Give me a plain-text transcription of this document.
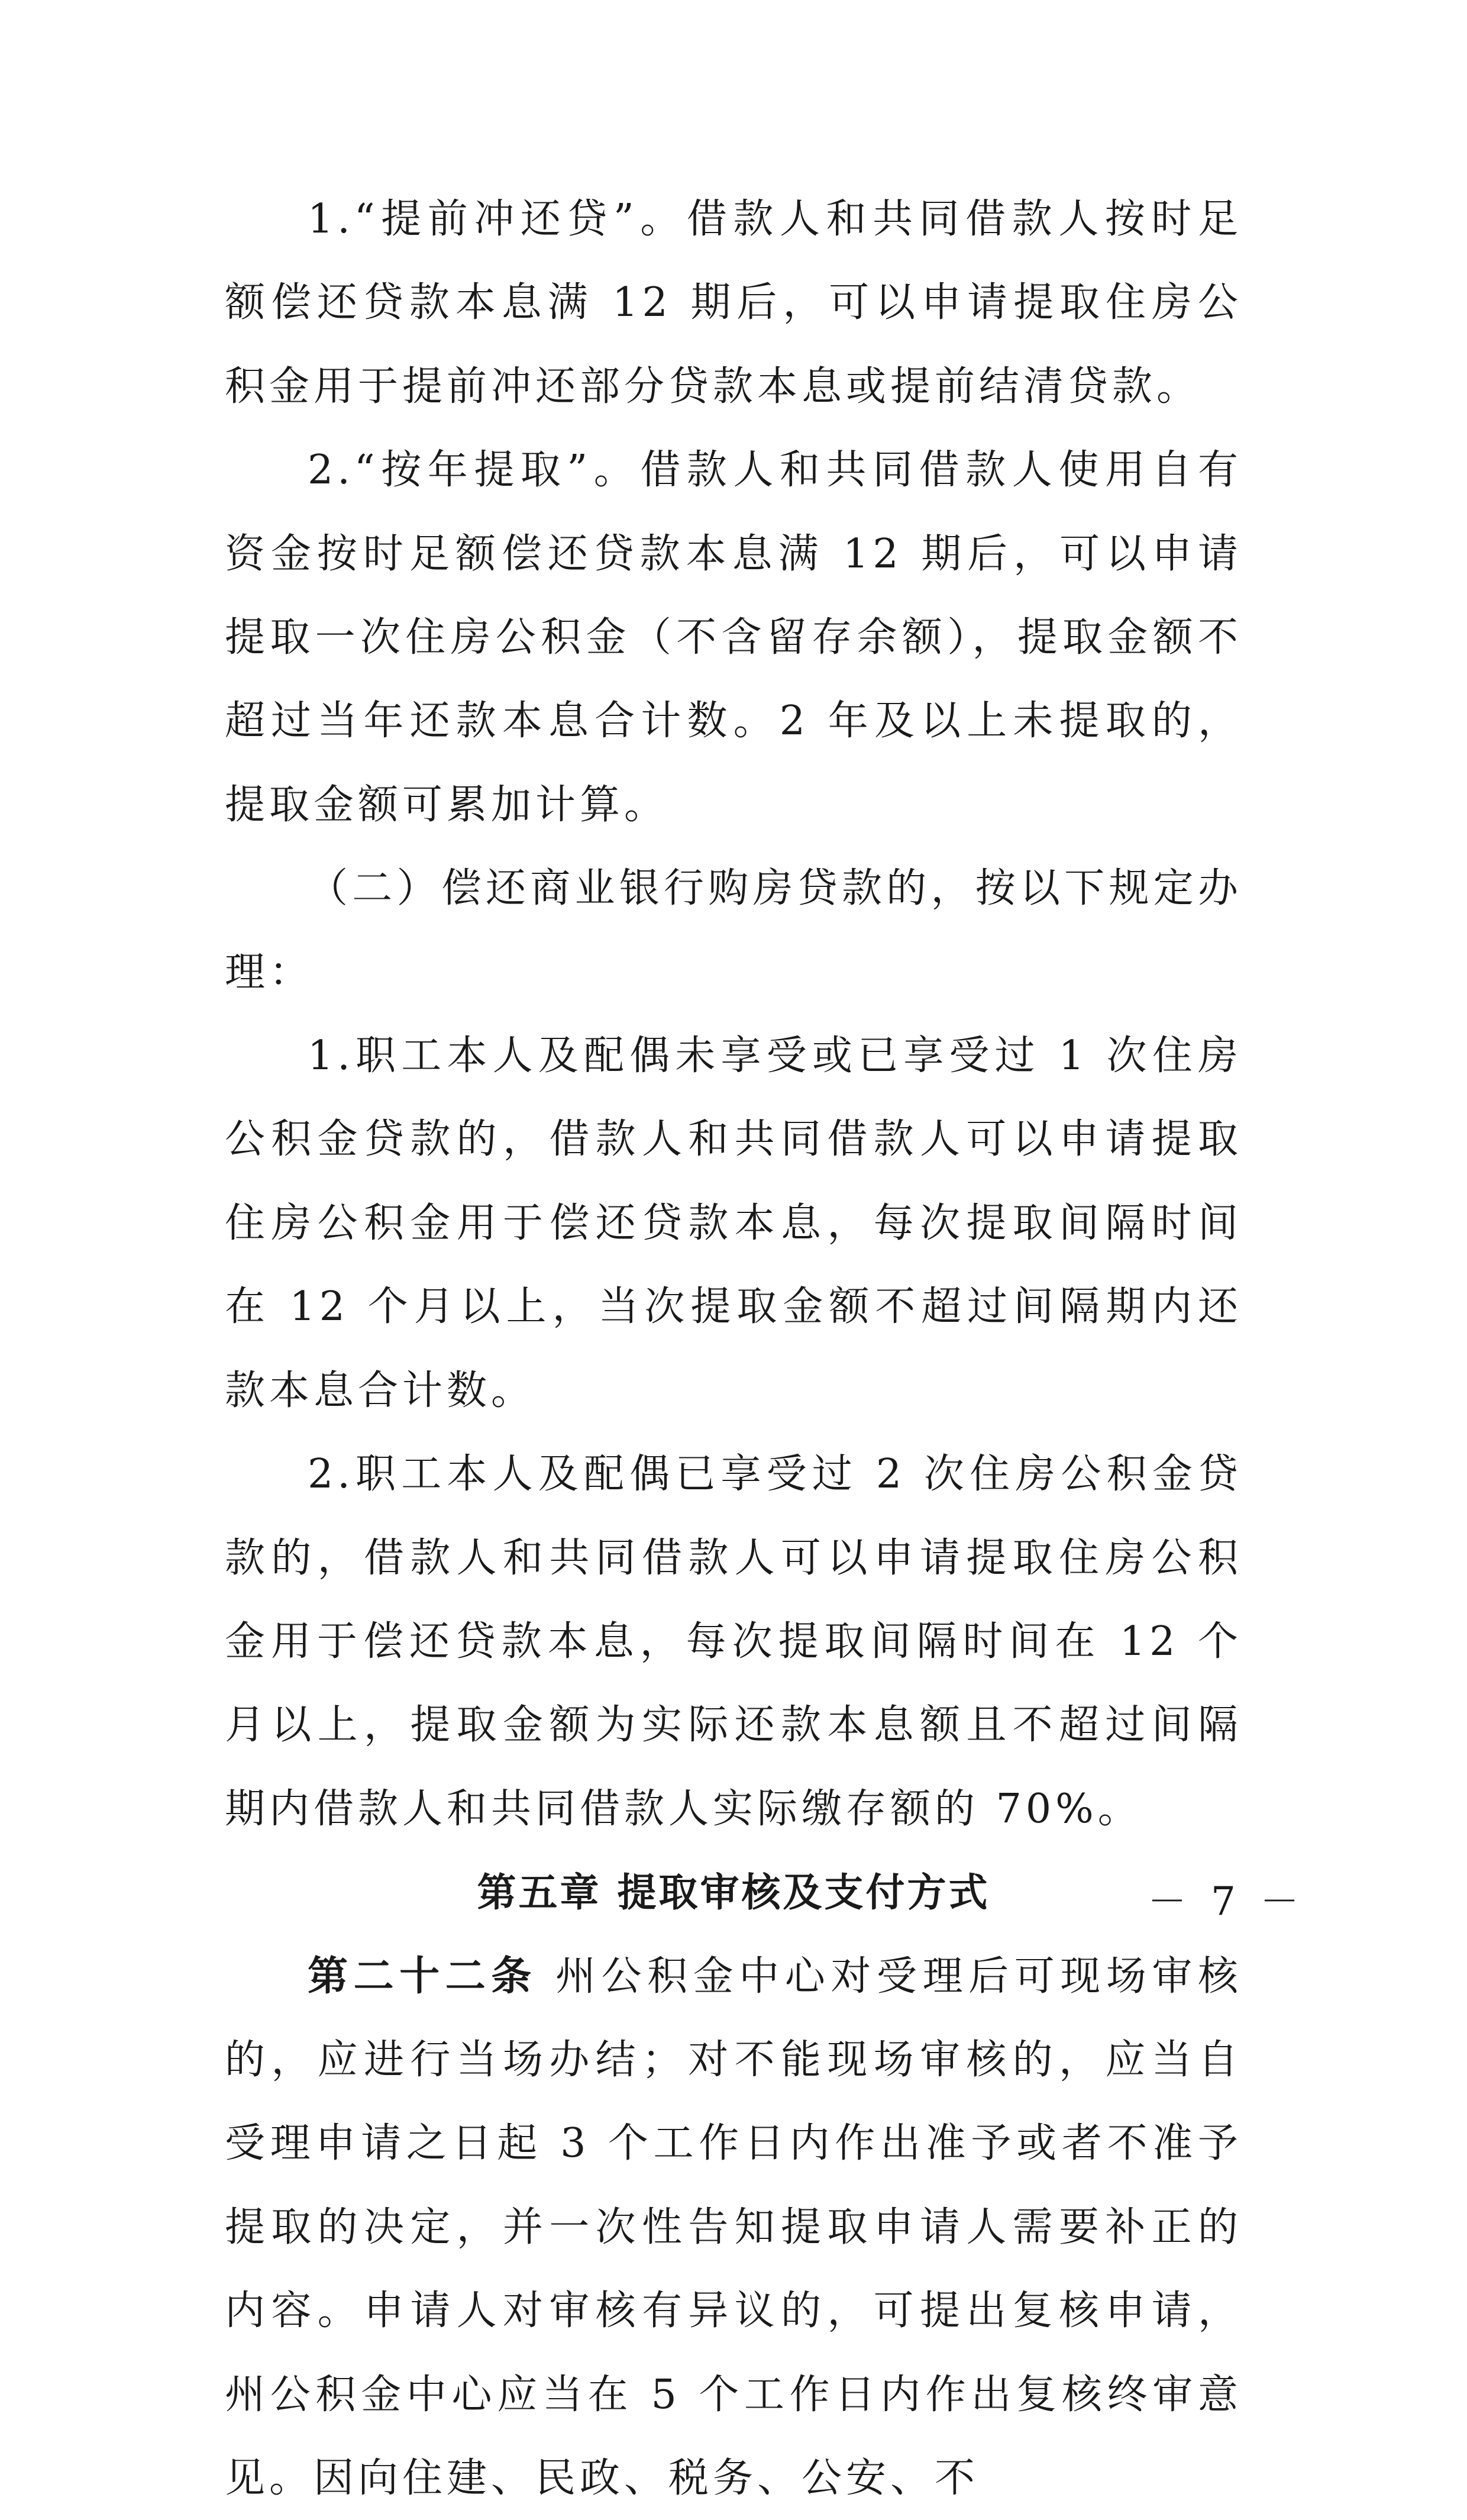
1.“提前冲还贷”。借款人和共同借款人按时足额偿还贷款本息满 12 期后，可以申请提取住房公积金用于提前冲还部分贷款本息或提前结清贷款。

2.“按年提取”。借款人和共同借款人使用自有资金按时足额偿还贷款本息满 12 期后，可以申请提取一次住房公积金（不含留存余额），提取金额不超过当年还款本息合计数。2 年及以上未提取的，提取金额可累加计算。

（二）偿还商业银行购房贷款的，按以下规定办理：

1.职工本人及配偶未享受或已享受过 1 次住房公积金贷款的，借款人和共同借款人可以申请提取住房公积金用于偿还贷款本息，每次提取间隔时间在 12 个月以上，当次提取金额不超过间隔期内还款本息合计数。

2.职工本人及配偶已享受过 2 次住房公积金贷款的，借款人和共同借款人可以申请提取住房公积金用于偿还贷款本息，每次提取间隔时间在 12 个月以上，提取金额为实际还款本息额且不超过间隔期内借款人和共同借款人实际缴存额的 70%。

第五章 提取审核及支付方式

第二十二条 州公积金中心对受理后可现场审核的，应进行当场办结；对不能现场审核的，应当自受理申请之日起 3 个工作日内作出准予或者不准予提取的决定，并一次性告知提取申请人需要补正的内容。申请人对审核有异议的，可提出复核申请，州公积金中心应当在 5 个工作日内作出复核终审意见。因向住建、民政、税务、公安、不

－ 7 －
